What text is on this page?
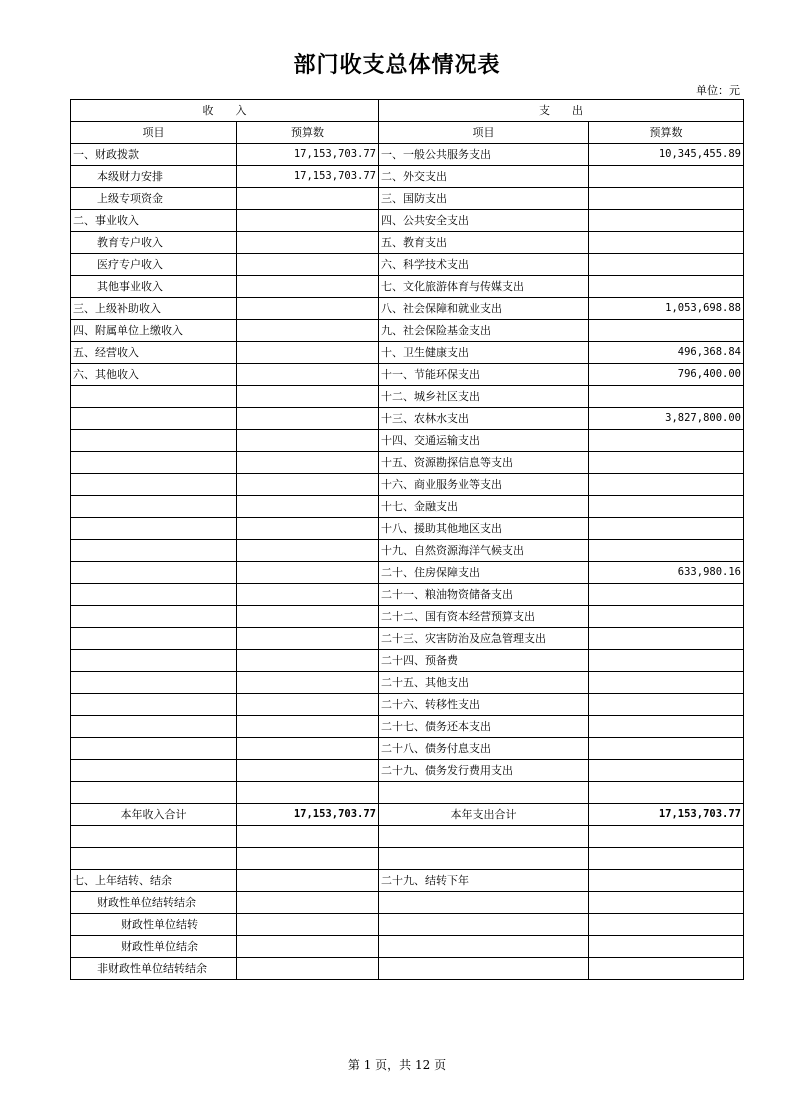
部门收支总体情况表
单位：元
收　　入		支　　出	
项目	预算数	项目	预算数
一、财政拨款	17,153,703.77	一、一般公共服务支出	10,345,455.89
本级财力安排	17,153,703.77	二、外交支出	
上级专项资金		三、国防支出	
二、事业收入		四、公共安全支出	
教育专户收入		五、教育支出	
医疗专户收入		六、科学技术支出	
其他事业收入		七、文化旅游体育与传媒支出	
三、上级补助收入		八、社会保障和就业支出	1,053,698.88
四、附属单位上缴收入		九、社会保险基金支出	
五、经营收入		十、卫生健康支出	496,368.84
六、其他收入		十一、节能环保支出	796,400.00
		十二、城乡社区支出	
		十三、农林水支出	3,827,800.00
		十四、交通运输支出	
		十五、资源勘探信息等支出	
		十六、商业服务业等支出	
		十七、金融支出	
		十八、援助其他地区支出	
		十九、自然资源海洋气候支出	
		二十、住房保障支出	633,980.16
		二十一、粮油物资储备支出	
		二十二、国有资本经营预算支出	
		二十三、灾害防治及应急管理支出	
		二十四、预备费	
		二十五、其他支出	
		二十六、转移性支出	
		二十七、债务还本支出	
		二十八、债务付息支出	
		二十九、债务发行费用支出	

本年收入合计	17,153,703.77	本年支出合计	17,153,703.77

七、上年结转、结余		二十九、结转下年	
财政性单位结转结余			
财政性单位结转			
财政性单位结余			
非财政性单位结转结余			
第 1 页，共 12 页
